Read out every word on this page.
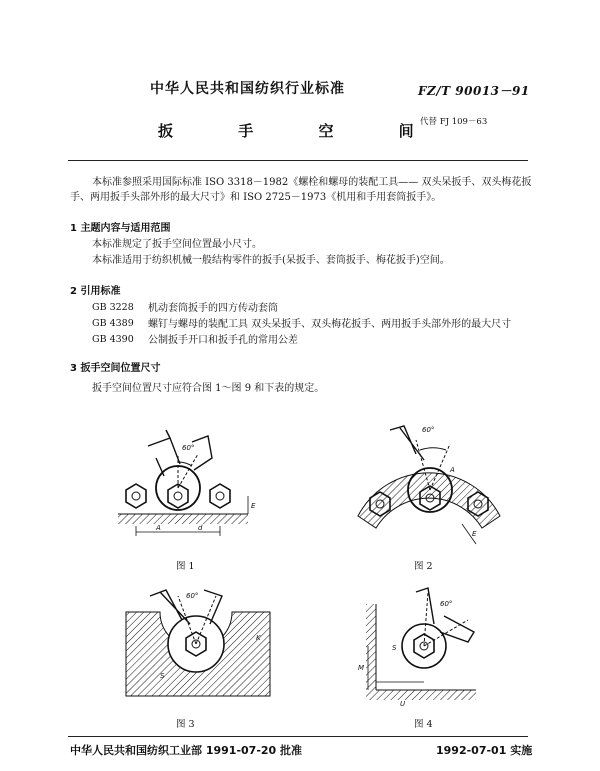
中华人民共和国纺织行业标准	FZ/T 90013－91
扳 手 空 间
代替 FJ 109－63
本标准参照采用国际标准 ISO 3318－1982《螺栓和螺母的装配工具—— 双头呆扳手、双头梅花扳
手、两用扳手头部外形的最大尺寸》和 ISO 2725－1973《机用和手用套筒扳手》。
1 主题内容与适用范围
本标准规定了扳手空间位置最小尺寸。
本标准适用于纺织机械一般结构零件的扳手(呆扳手、套筒扳手、梅花扳手)空间。
2 引用标准
GB 3228 机动套筒扳手的四方传动套筒
GB 4389 螺钉与螺母的装配工具 双头呆扳手、双头梅花扳手、两用扳手头部外形的最大尺寸
GB 4390 公制扳手开口和扳手孔的常用公差
3 扳手空间位置尺寸
扳手空间位置尺寸应符合图 1～图 9 和下表的规定。
60°
A	d
E
图 1
60°
A
E
图 2
60°
K
S
图 3
60°
S
M
U
图 4
中华人民共和国纺织工业部 1991-07-20 批准	1992-07-01 实施
